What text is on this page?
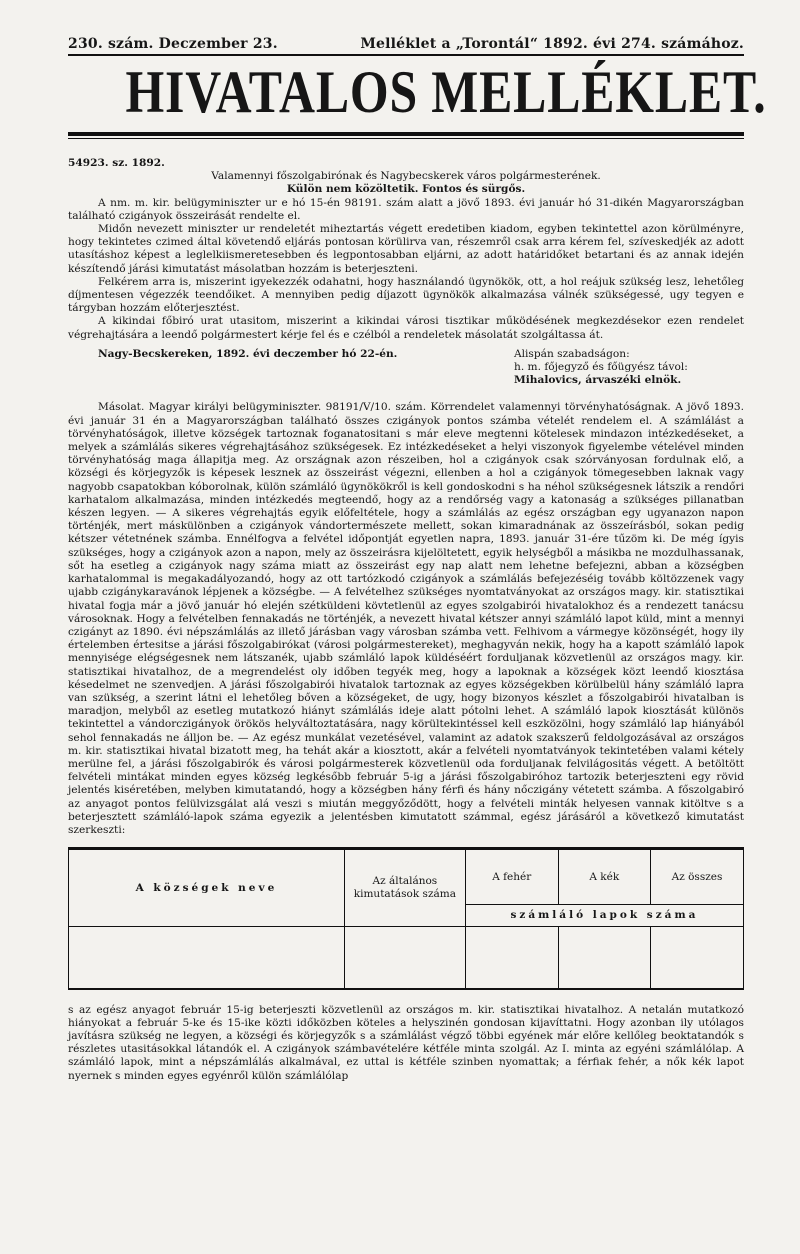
230. szám. Deczember 23.	Melléklet a „Torontál“ 1892. évi 274. számához.
HIVATALOS MELLÉKLET.
54923. sz. 1892.
Valamennyi főszolgabirónak és Nagybecskerek város polgármesterének.
Külön nem közöltetik. Fontos és sürgős.

A nm. m. kir. belügyminiszter ur e hó 15-én 98191. szám alatt a jövő 1893. évi január hó 31-dikén Magyarországban található czigányok összeirását rendelte el.

Midőn nevezett miniszter ur rendeletét miheztartás végett eredetiben kiadom, egyben tekintettel azon körülményre, hogy tekintetes czimed által követendő eljárás pontosan körülirva van, részemről csak arra kérem fel, szíveskedjék az adott utasításhoz képest a leglelkiismeretesebben és legpontosabban eljárni, az adott határidőket betartani és az annak idején készítendő járási kimutatást másolatban hozzám is beterjeszteni.

Felkérem arra is, miszerint igyekezzék odahatni, hogy használandó ügynökök, ott, a hol reájuk szükség lesz, lehetőleg díjmentesen végezzék teendőiket. A mennyiben pedig díjazott ügynökök alkalmazása válnék szükségessé, ugy tegyen e tárgyban hozzám előterjesztést.

A kikindai főbiró urat utasitom, miszerint a kikindai városi tisztikar működésének megkezdésekor ezen rendelet végrehajtására a leendő polgármestert kérje fel és e czélból a rendeletek másolatát szolgáltassa át.

Nagy-Becskereken, 1892. évi deczember hó 22-én.	Alispán szabadságon:
h. m. főjegyző és főügyész távol:
Mihalovics, árvaszéki elnök.

Másolat. Magyar királyi belügyminiszter. 98191/V/10. szám. Körrendelet valamennyi törvényhatóságnak. A jövő 1893. évi január 31 én a Magyarországban található összes czigányok pontos számba vételét rendelem el. A számlálást a törvényhatóságok, illetve községek tartoznak foganatositani s már eleve megtenni kötelesek mindazon intézkedéseket, a melyek a számlálás sikeres végrehajtásához szükségesek. Ez intézkedéseket a helyi viszonyok figyelembe vételével minden törvényhatóság maga állapitja meg. Az országnak azon részeiben, hol a czigányok csak szórványosan fordulnak elő, a községi és körjegyzők is képesek lesznek az összeirást végezni, ellenben a hol a czigányok tömegesebben laknak vagy nagyobb csapatokban kóborolnak, külön számláló ügynökökről is kell gondoskodni s ha néhol szükségesnek látszik a rendőri karhatalom alkalmazása, minden intézkedés megteendő, hogy az a rendőrség vagy a katonaság a szükséges pillanatban készen legyen. — A sikeres végrehajtás egyik előfeltétele, hogy a számlálás az egész országban egy ugyanazon napon történjék, mert máskülönben a czigányok vándortermészete mellett, sokan kimaradnának az összeírásból, sokan pedig kétszer vétetnének számba. Ennélfogva a felvétel időpontját egyetlen napra, 1893. január 31-ére tűzöm ki. De még ígyis szükséges, hogy a czigányok azon a napon, mely az összeirásra kijelöltetett, egyik helységből a másikba ne mozdulhassanak, sőt ha esetleg a czigányok nagy száma miatt az összeirást egy nap alatt nem lehetne befejezni, abban a községben karhatalommal is megakadályozandó, hogy az ott tartózkodó czigányok a számlálás befejezéséig tovább költözzenek vagy ujabb czigánykaravánok lépjenek a községbe. — A felvételhez szükséges nyomtatványokat az országos magy. kir. statisztikai hivatal fogja már a jövő január hó elején szétküldeni kövtetlenül az egyes szolgabirói hivatalokhoz és a rendezett tanácsu városoknak. Hogy a felvételben fennakadás ne történjék, a nevezett hivatal kétszer annyi számláló lapot küld, mint a mennyi czigányt az 1890. évi népszámlálás az illető járásban vagy városban számba vett. Felhivom a vármegye közönségét, hogy ily értelemben értesitse a járási főszolgabirókat (városi polgármestereket), meghagyván nekik, hogy ha a kapott számláló lapok mennyisége elégségesnek nem látszanék, ujabb számláló lapok küldéséért forduljanak közvetlenül az országos magy. kir. statisztikai hivatalhoz, de a megrendelést oly időben tegyék meg, hogy a lapoknak a községek közt leendő kiosztása késedelmet ne szenvedjen. A járási főszolgabirói hivatalok tartoznak az egyes községekben körülbelül hány számláló lapra van szükség, a szerint látni el lehetőleg bőven a községeket, de ugy, hogy bizonyos készlet a főszolgabirói hivatalban is maradjon, melyből az esetleg mutatkozó hiányt számlálás ideje alatt pótolni lehet. A számláló lapok kiosztását különös tekintettel a vándorczigányok örökös helyváltoztatására, nagy körültekintéssel kell eszközölni, hogy számláló lap hiányából sehol fennakadás ne álljon be. — Az egész munkálat vezetésével, valamint az adatok szakszerű feldolgozásával az országos m. kir. statisztikai hivatal bizatott meg, ha tehát akár a kiosztott, akár a felvételi nyomtatványok tekintetében valami kétely merülne fel, a járási főszolgabirók és városi polgármesterek közvetlenül oda forduljanak felvilágositás végett. A betöltött felvételi mintákat minden egyes község legkésőbb február 5-ig a járási főszolgabiróhoz tartozik beterjeszteni egy rövid jelentés kiséretében, melyben kimutatandó, hogy a községben hány férfi és hány nőczigány vétetett számba. A főszolgabiró az anyagot pontos felülvizsgálat alá veszi s miután meggyőződött, hogy a felvételi minták helyesen vannak kitöltve s a beterjesztett számláló-lapok száma egyezik a jelentésben kimutatott számmal, egész járásáról a következő kimutatást szerkeszti:

A községek neve	Az általános kimutatások száma	A fehér	A kék	Az összes
		számláló lapok száma		

s az egész anyagot február 15-ig beterjeszti közvetlenül az országos m. kir. statisztikai hivatalhoz. A netalán mutatkozó hiányokat a február 5-ke és 15-ike közti időközben köteles a helyszinén gondosan kijavíttatni. Hogy azonban ily utólagos javításra szükség ne legyen, a községi és körjegyzők s a számlálást végző többi egyének már előre kellőleg beoktatandók s részletes utasitásokkal látandók el. A czigányok számbavételére kétféle minta szolgál. Az I. minta az egyéni számlálólap. A számláló lapok, mint a népszámlálás alkalmával, ez uttal is kétféle szinben nyomattak; a férfiak fehér, a nők kék lapot nyernek s minden egyes egyénről külön számlálólap
